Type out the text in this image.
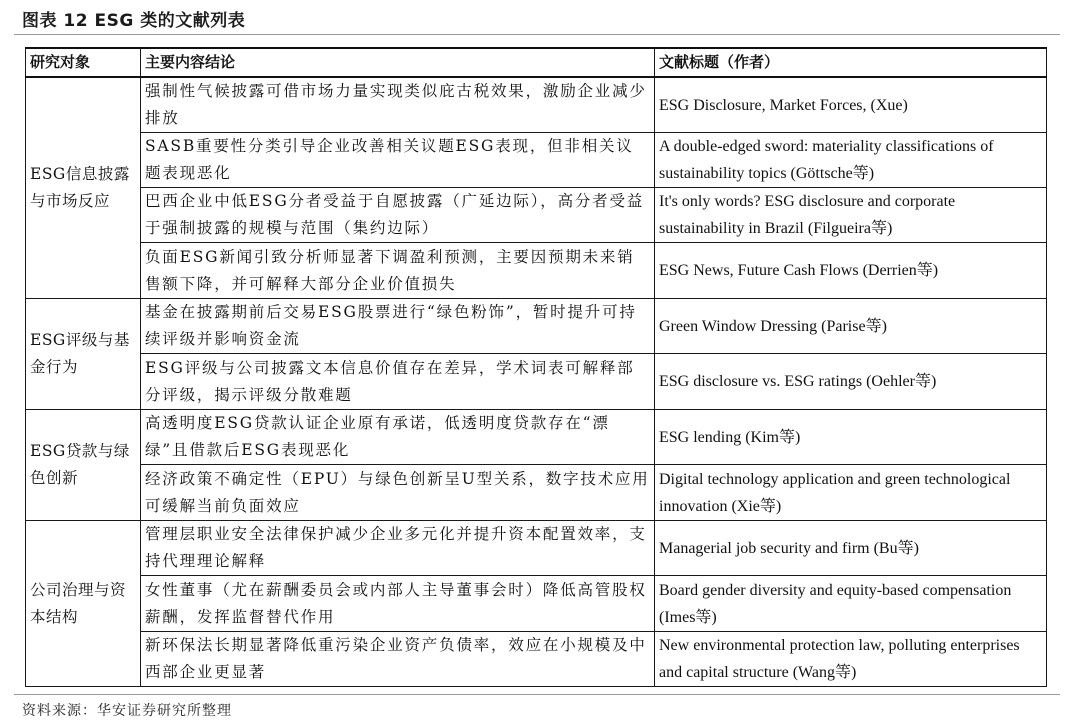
图表 12 ESG 类的文献列表
研究对象	主要内容结论	文献标题（作者）
ESG信息披露与市场反应	强制性气候披露可借市场力量实现类似庇古税效果，激励企业减少排放	ESG Disclosure, Market Forces, (Xue)
	SASB重要性分类引导企业改善相关议题ESG表现，但非相关议题表现恶化	A double-edged sword: materiality classifications of sustainability topics (Göttsche等)
	巴西企业中低ESG分者受益于自愿披露（广延边际），高分者受益于强制披露的规模与范围（集约边际）	It's only words? ESG disclosure and corporate sustainability in Brazil (Filgueira等)
	负面ESG新闻引致分析师显著下调盈利预测，主要因预期未来销售额下降，并可解释大部分企业价值损失	ESG News, Future Cash Flows (Derrien等)
ESG评级与基金行为	基金在披露期前后交易ESG股票进行“绿色粉饰”，暂时提升可持续评级并影响资金流	Green Window Dressing (Parise等)
	ESG评级与公司披露文本信息价值存在差异，学术词表可解释部分评级，揭示评级分散难题	ESG disclosure vs. ESG ratings (Oehler等)
ESG贷款与绿色创新	高透明度ESG贷款认证企业原有承诺，低透明度贷款存在“漂绿”且借款后ESG表现恶化	ESG lending (Kim等)
	经济政策不确定性（EPU）与绿色创新呈U型关系，数字技术应用可缓解当前负面效应	Digital technology application and green technological innovation (Xie等)
公司治理与资本结构	管理层职业安全法律保护减少企业多元化并提升资本配置效率，支持代理理论解释	Managerial job security and firm (Bu等)
	女性董事（尤在薪酬委员会或内部人主导董事会时）降低高管股权薪酬，发挥监督替代作用	Board gender diversity and equity-based compensation (Imes等)
	新环保法长期显著降低重污染企业资产负债率，效应在小规模及中西部企业更显著	New environmental protection law, polluting enterprises and capital structure (Wang等)
资料来源：华安证券研究所整理
